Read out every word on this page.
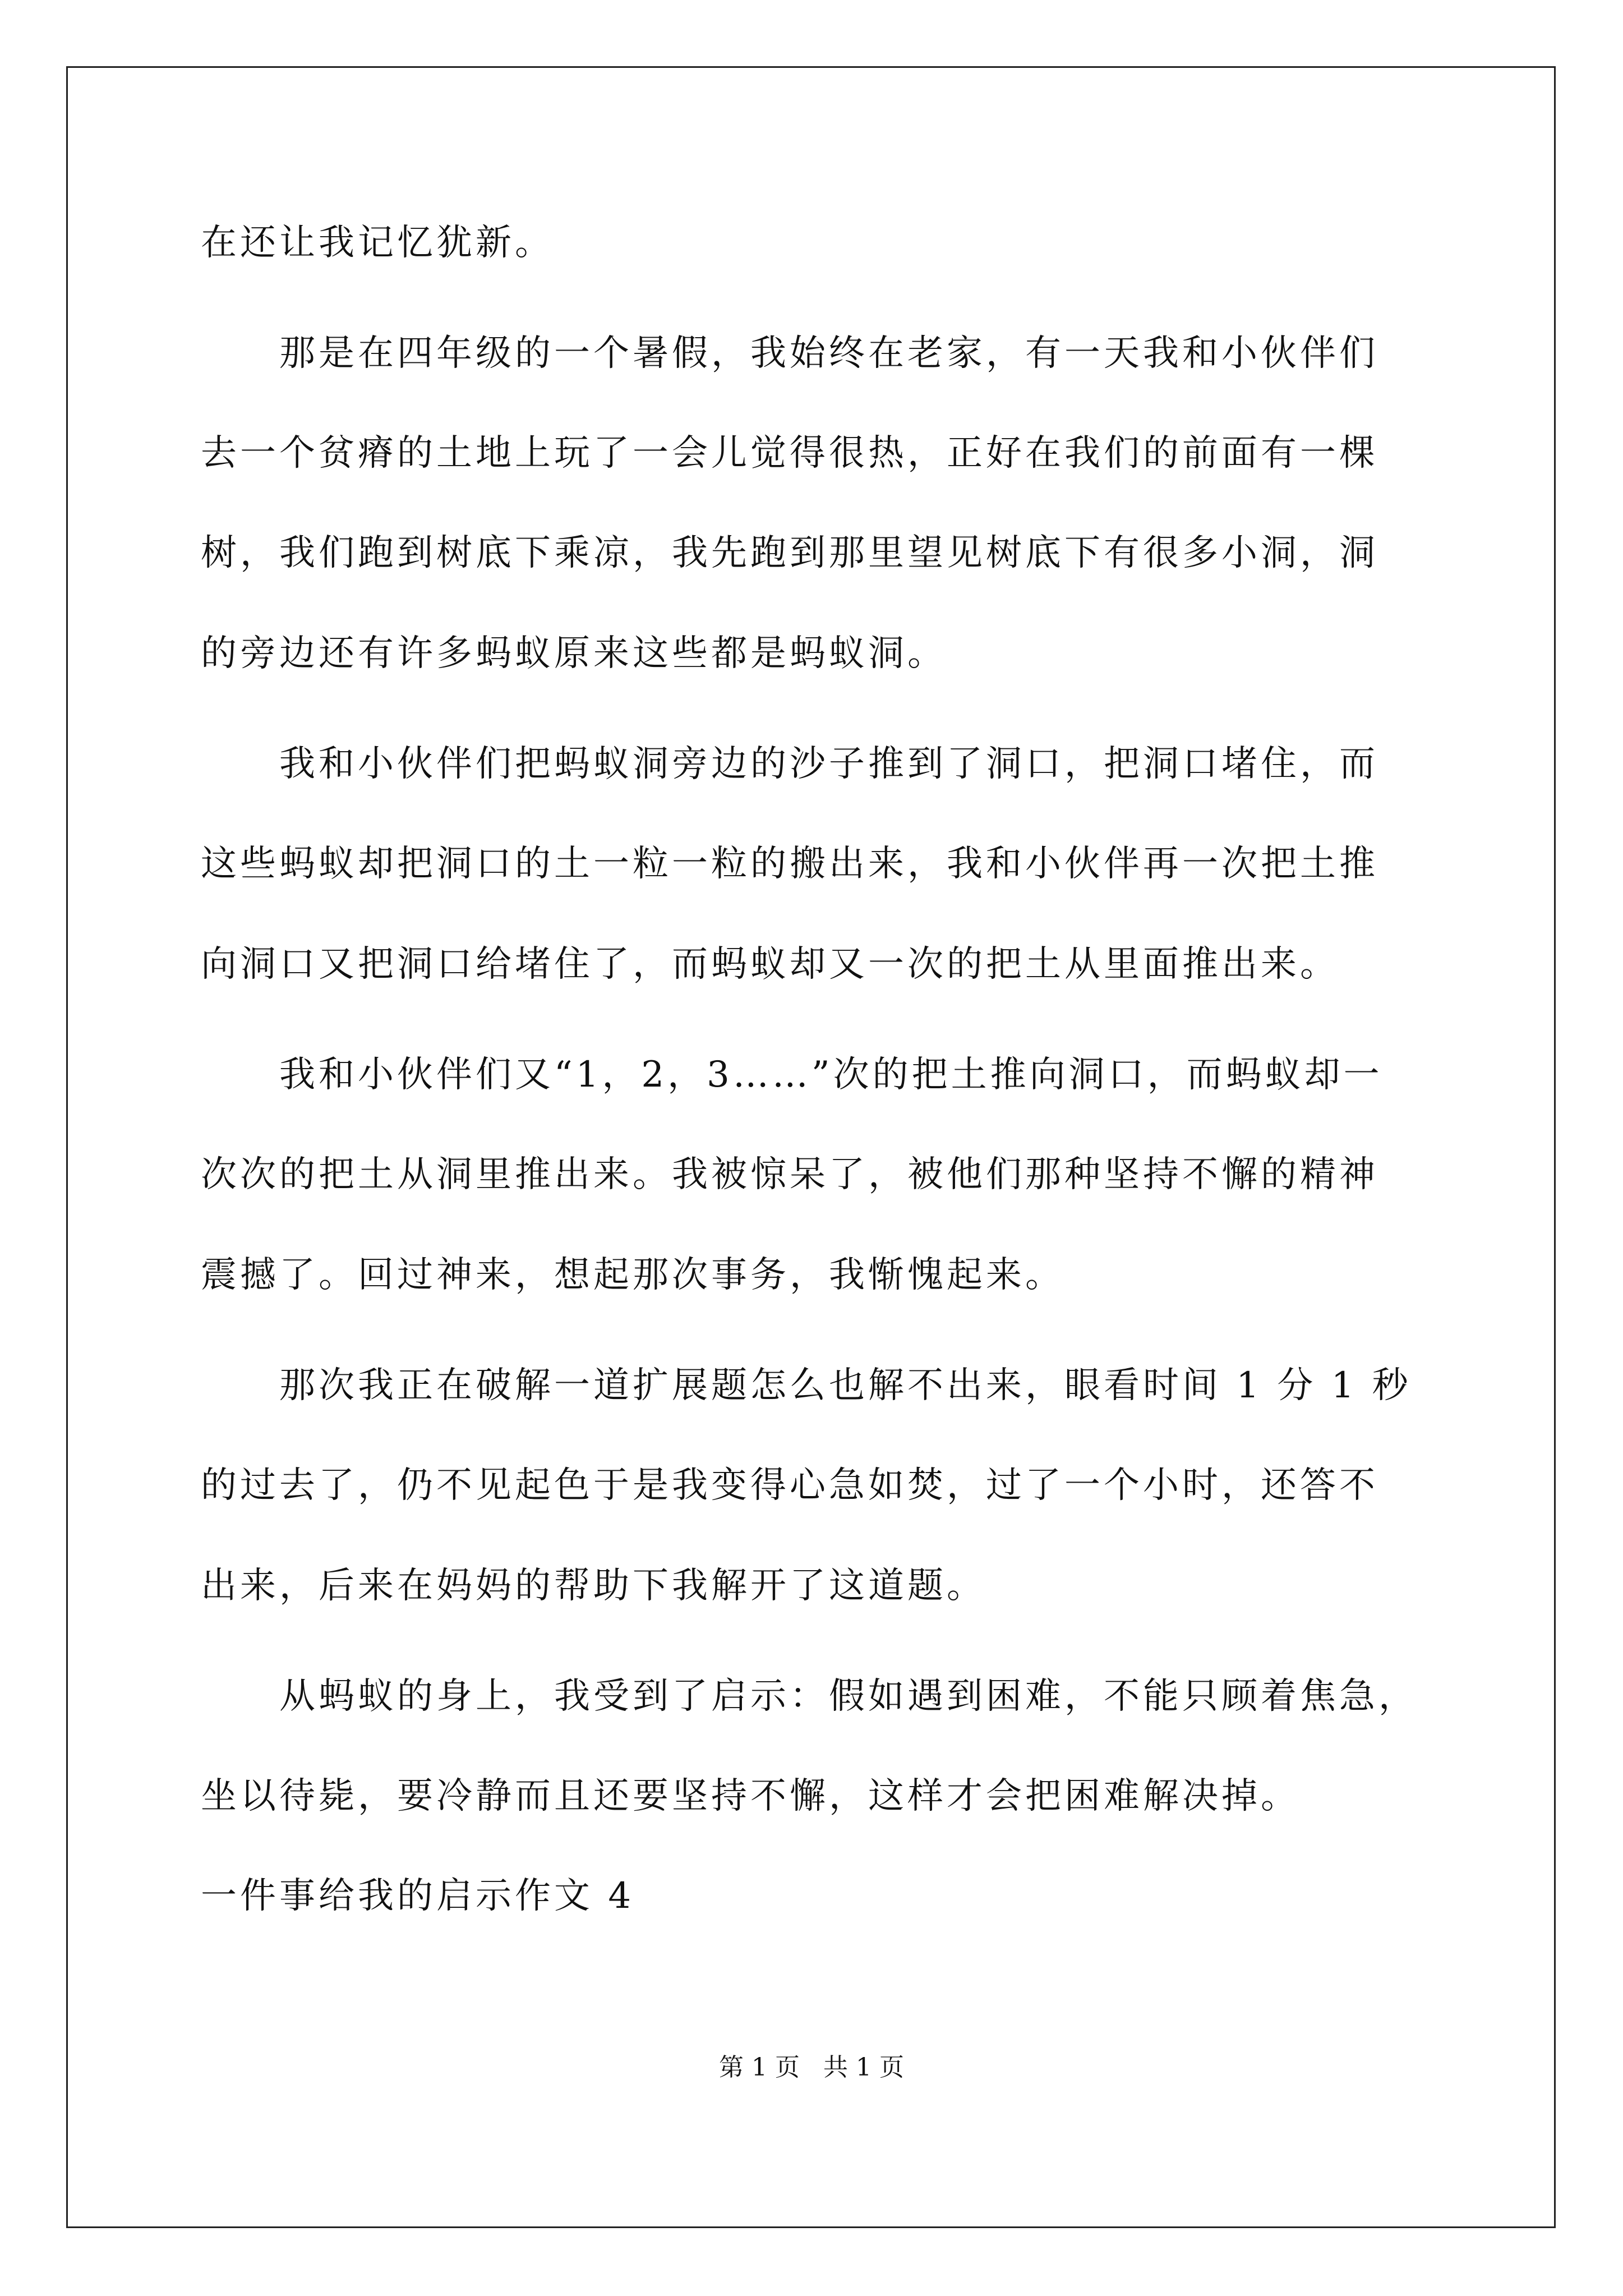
在还让我记忆犹新。
那是在四年级的一个暑假，我始终在老家，有一天我和小伙伴们
去一个贫瘠的土地上玩了一会儿觉得很热，正好在我们的前面有一棵
树，我们跑到树底下乘凉，我先跑到那里望见树底下有很多小洞，洞
的旁边还有许多蚂蚁原来这些都是蚂蚁洞。
我和小伙伴们把蚂蚁洞旁边的沙子推到了洞口，把洞口堵住，而
这些蚂蚁却把洞口的土一粒一粒的搬出来，我和小伙伴再一次把土推
向洞口又把洞口给堵住了，而蚂蚁却又一次的把土从里面推出来。
我和小伙伴们又“1，2，3……”次的把土推向洞口，而蚂蚁却一
次次的把土从洞里推出来。我被惊呆了，被他们那种坚持不懈的精神
震撼了。回过神来，想起那次事务，我惭愧起来。
那次我正在破解一道扩展题怎么也解不出来，眼看时间 1 分 1 秒
的过去了，仍不见起色于是我变得心急如焚，过了一个小时，还答不
出来，后来在妈妈的帮助下我解开了这道题。
从蚂蚁的身上，我受到了启示：假如遇到困难，不能只顾着焦急，
坐以待毙，要冷静而且还要坚持不懈，这样才会把困难解决掉。
一件事给我的启示作文 4
第 1 页 共 1 页
